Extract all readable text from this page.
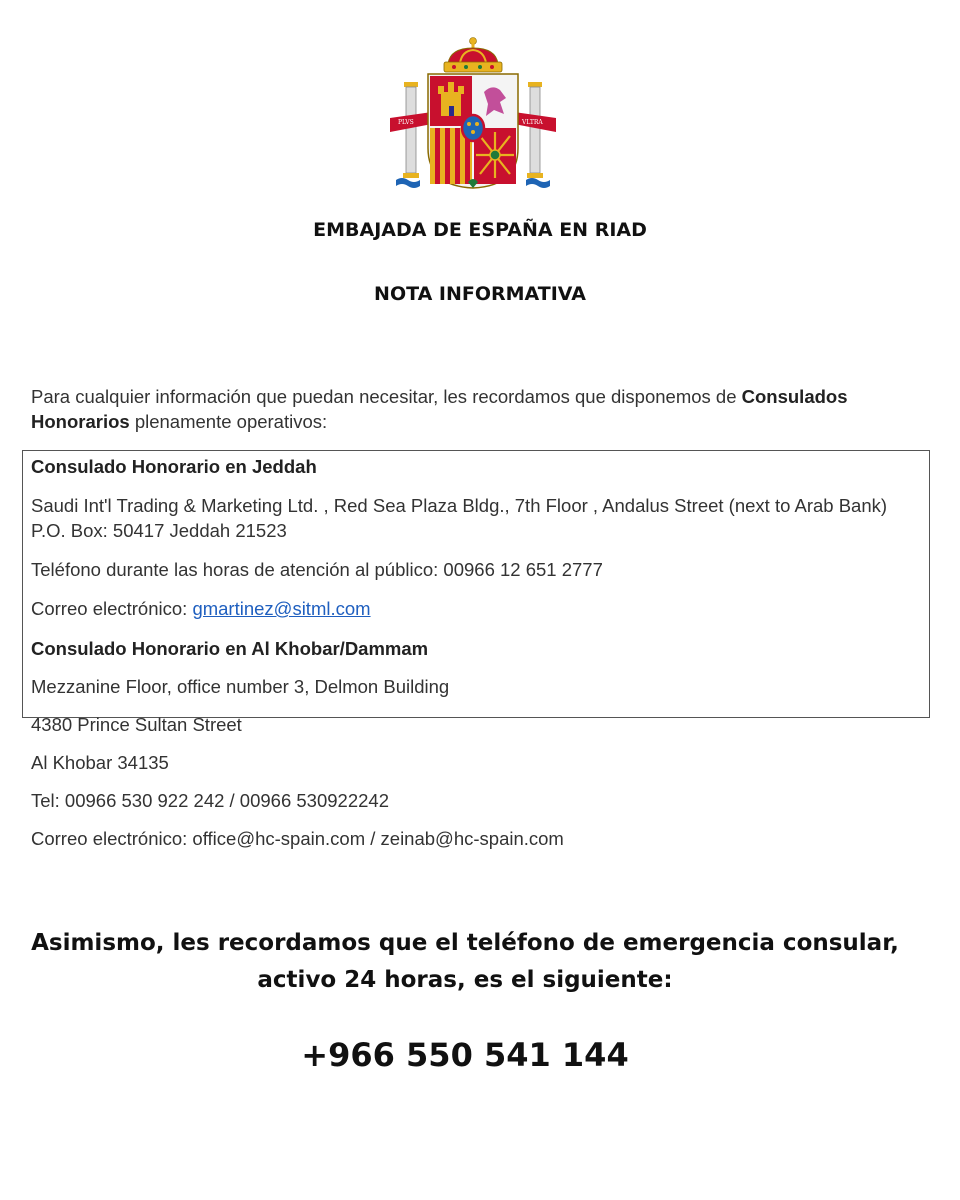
PLVS	VLTRA
EMBAJADA DE ESPAÑA EN RIAD
NOTA INFORMATIVA
Para cualquier información que puedan necesitar, les recordamos que disponemos de Consulados Honorarios plenamente operativos:
Consulado Honorario en Jeddah
Saudi Int'l Trading & Marketing Ltd. , Red Sea Plaza Bldg., 7th Floor , Andalus Street (next to Arab Bank) P.O. Box: 50417 Jeddah 21523
Teléfono durante las horas de atención al público: 00966 12 651 2777
Correo electrónico: gmartinez@sitml.com
Consulado Honorario en Al Khobar/Dammam
Mezzanine Floor, office number 3, Delmon Building
4380 Prince Sultan Street
Al Khobar 34135
Tel: 00966 530 922 242 / 00966 530922242
Correo electrónico: office@hc-spain.com / zeinab@hc-spain.com
Asimismo, les recordamos que el teléfono de emergencia consular,
activo 24 horas, es el siguiente:
+966 550 541 144
